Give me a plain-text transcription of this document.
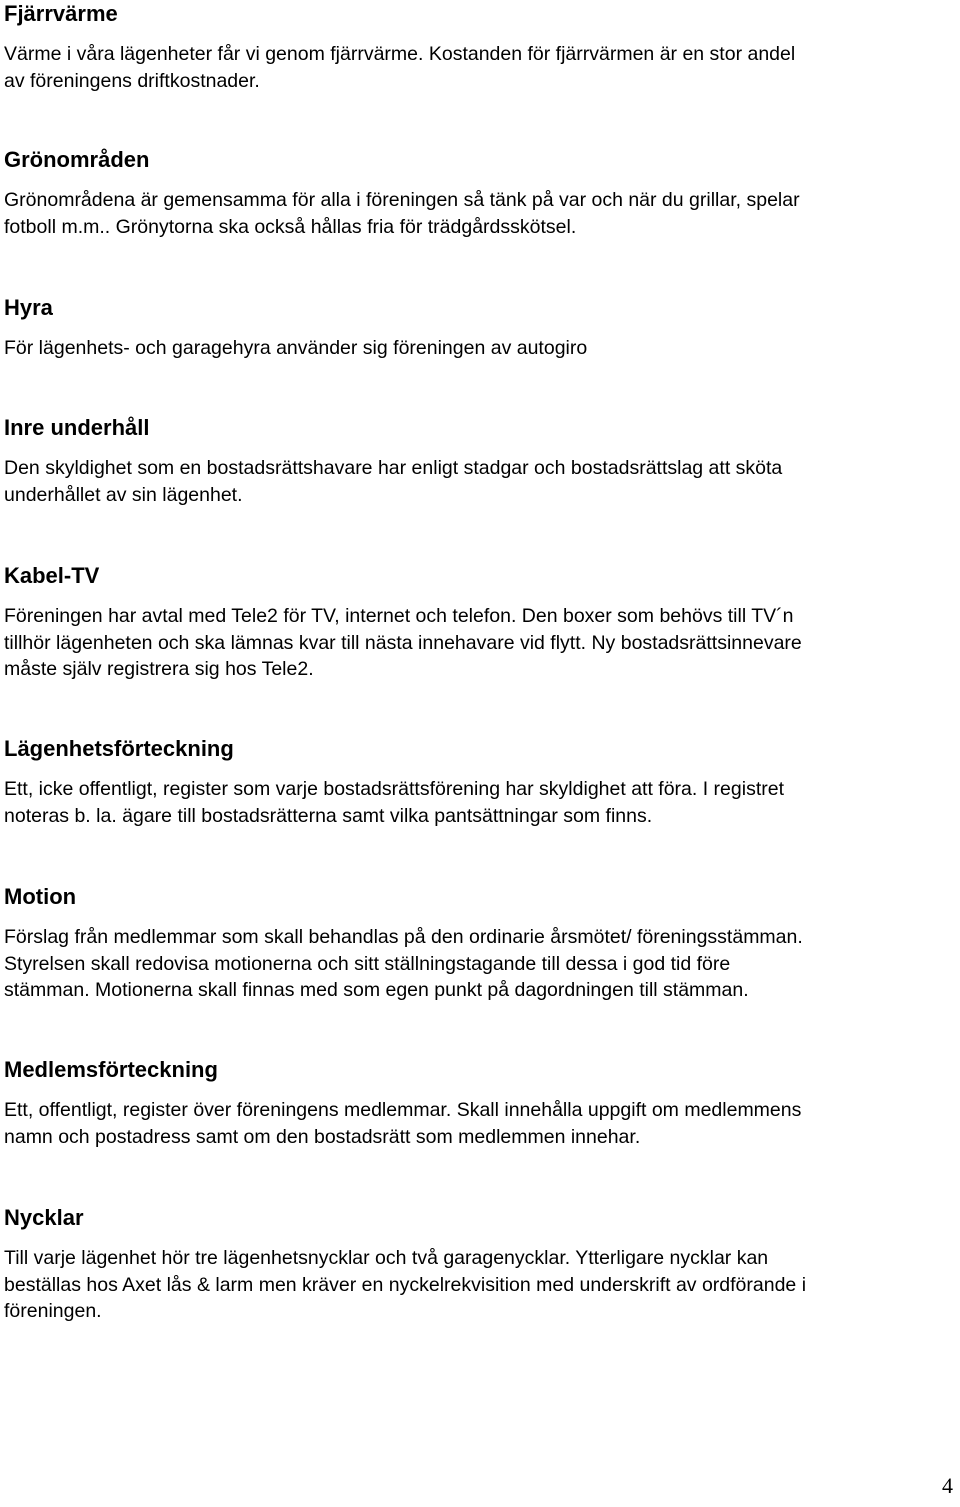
Fjärrvärme

Värme i våra lägenheter får vi genom fjärrvärme. Kostanden för fjärrvärmen är en stor andel

av föreningens driftkostnader.

Grönområden

Grönområdena är gemensamma för alla i föreningen så tänk på var och när du grillar, spelar

fotboll m.m.. Grönytorna ska också hållas fria för trädgårdsskötsel.

Hyra

För lägenhets- och garagehyra använder sig föreningen av autogiro

Inre underhåll

Den skyldighet som en bostadsrättshavare har enligt stadgar och bostadsrättslag att sköta

underhållet av sin lägenhet.

Kabel-TV

Föreningen har avtal med Tele2 för TV, internet och telefon. Den boxer som behövs till TV´n

tillhör lägenheten och ska lämnas kvar till nästa innehavare vid flytt. Ny bostadsrättsinnevare

måste själv registrera sig hos Tele2.

Lägenhetsförteckning

Ett, icke offentligt, register som varje bostadsrättsförening har skyldighet att föra. I registret

noteras b. la. ägare till bostadsrätterna samt vilka pantsättningar som finns.

Motion

Förslag från medlemmar som skall behandlas på den ordinarie årsmötet/ föreningsstämman.

Styrelsen skall redovisa motionerna och sitt ställningstagande till dessa i god tid före

stämman. Motionerna skall finnas med som egen punkt på dagordningen till stämman.

Medlemsförteckning

Ett, offentligt, register över föreningens medlemmar. Skall innehålla uppgift om medlemmens

namn och postadress samt om den bostadsrätt som medlemmen innehar.

Nycklar

Till varje lägenhet hör tre lägenhetsnycklar och två garagenycklar. Ytterligare nycklar kan

beställas hos Axet lås & larm men kräver en nyckelrekvisition med underskrift av ordförande i

föreningen.

4
